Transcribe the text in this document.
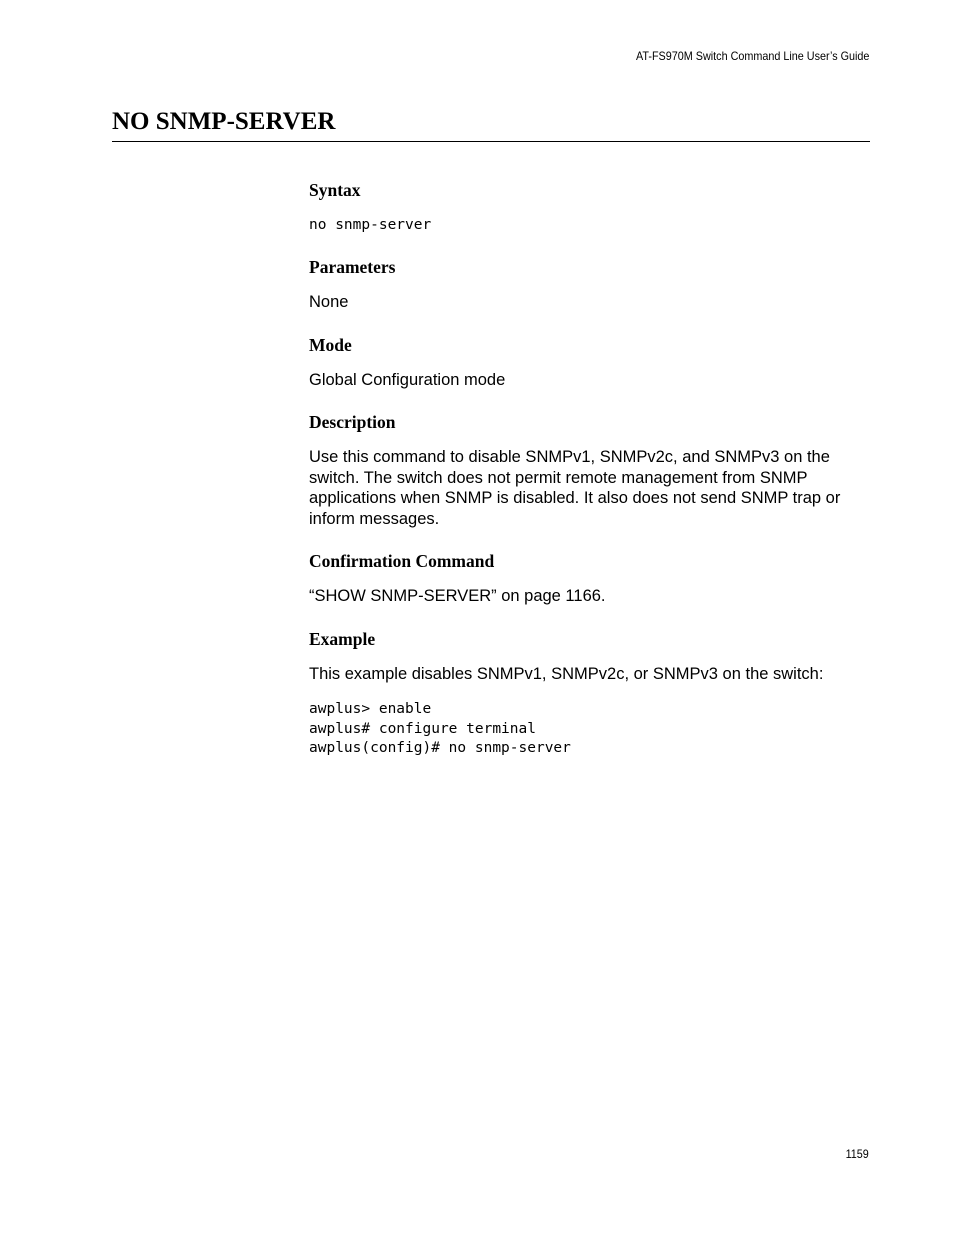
AT-FS970M Switch Command Line User’s Guide
NO SNMP-SERVER
Syntax
no snmp-server
Parameters

None

Mode

Global Configuration mode

Description

Use this command to disable SNMPv1, SNMPv2c, and SNMPv3 on the switch. The switch does not permit remote management from SNMP applications when SNMP is disabled. It also does not send SNMP trap or inform messages.

Confirmation Command

“SHOW SNMP-SERVER” on page 1166.

Example

This example disables SNMPv1, SNMPv2c, or SNMPv3 on the switch:

awplus> enable
awplus# configure terminal
awplus(config)# no snmp-server
1159
